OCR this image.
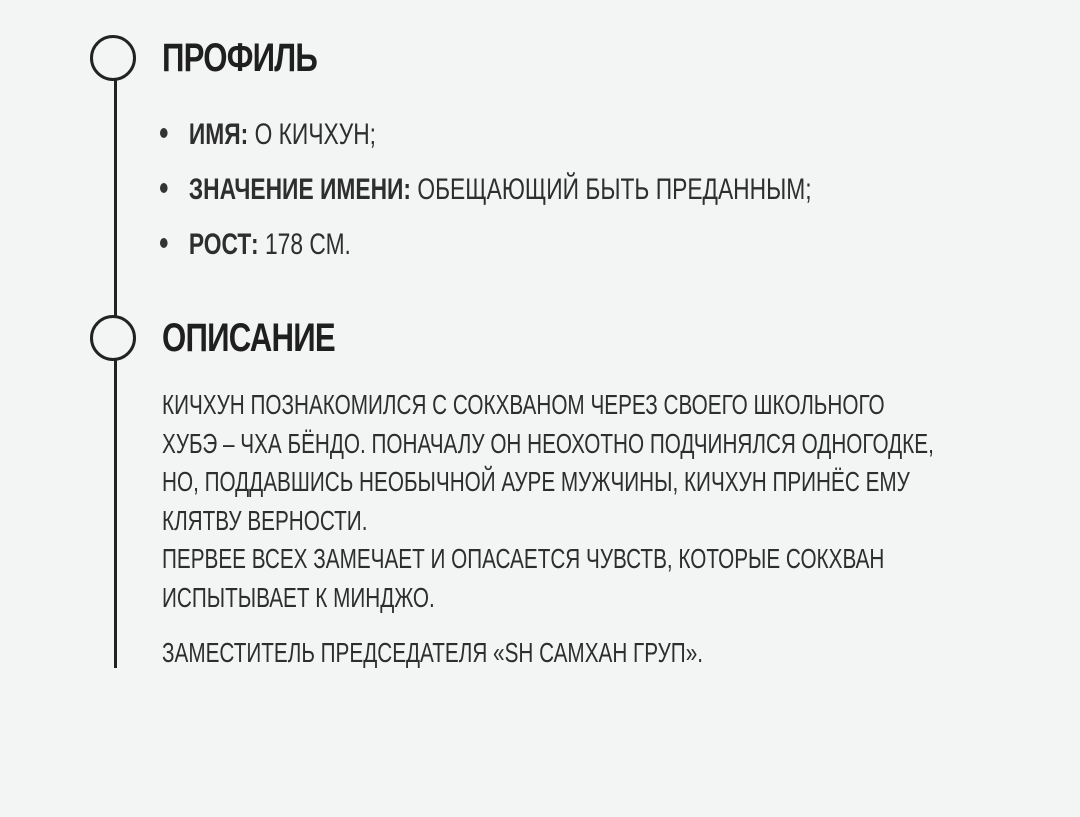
ПРОФИЛЬ
ИМЯ: О КИЧХУН;
ЗНАЧЕНИЕ ИМЕНИ: ОБЕЩАЮЩИЙ БЫТЬ ПРЕДАННЫМ;
РОСТ: 178 СМ.
ОПИСАНИЕ
КИЧХУН ПОЗНАКОМИЛСЯ С СОКХВАНОМ ЧЕРЕЗ СВОЕГО ШКОЛЬНОГО
ХУБЭ – ЧХА БЁНДО. ПОНАЧАЛУ ОН НЕОХОТНО ПОДЧИНЯЛСЯ ОДНОГОДКЕ,
НО, ПОДДАВШИСЬ НЕОБЫЧНОЙ АУРЕ МУЖЧИНЫ, КИЧХУН ПРИНЁС ЕМУ
КЛЯТВУ ВЕРНОСТИ.
ПЕРВЕЕ ВСЕХ ЗАМЕЧАЕТ И ОПАСАЕТСЯ ЧУВСТВ, КОТОРЫЕ СОКХВАН
ИСПЫТЫВАЕТ К МИНДЖО.
ЗАМЕСТИТЕЛЬ ПРЕДСЕДАТЕЛЯ «SH САМХАН ГРУП».
